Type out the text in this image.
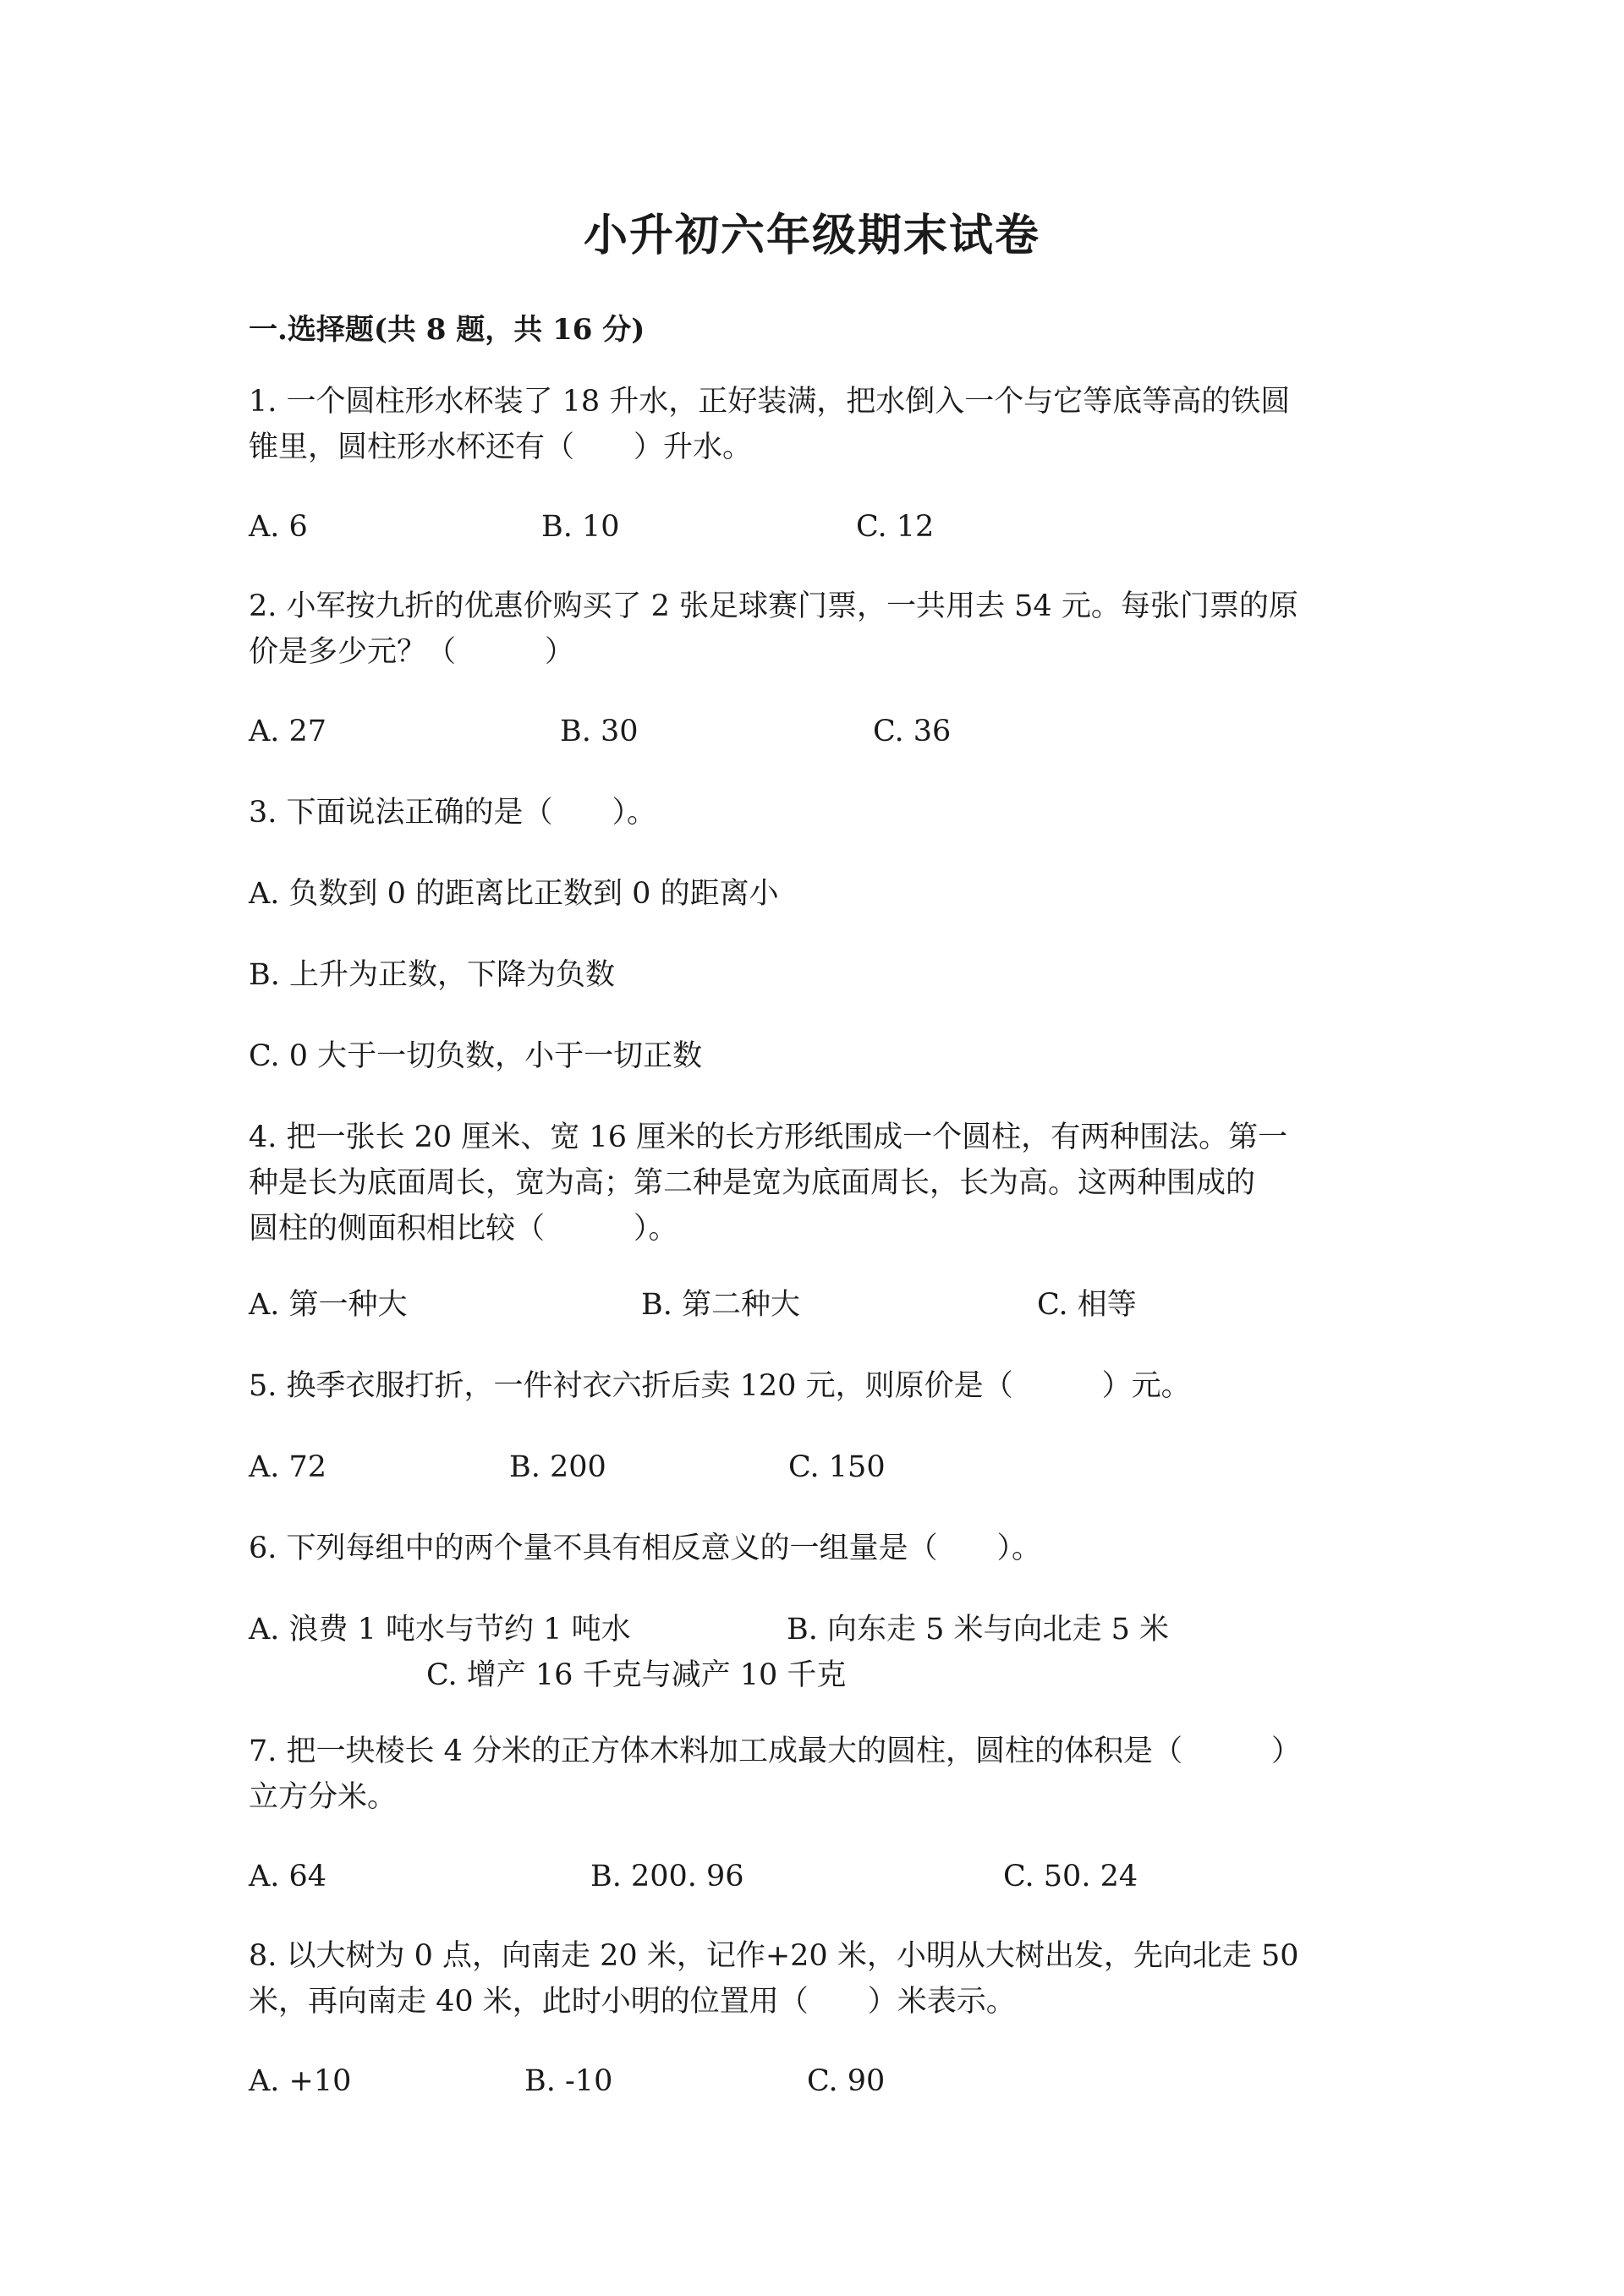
小升初六年级期末试卷
一.选择题(共 8 题，共 16 分)
1. 一个圆柱形水杯装了 18 升水，正好装满，把水倒入一个与它等底等高的铁圆
锥里，圆柱形水杯还有（　　）升水。
A. 6	B. 10	C. 12
2. 小军按九折的优惠价购买了 2 张足球赛门票，一共用去 54 元。每张门票的原
价是多少元？（　　　）
A. 27	B. 30	C. 36
3. 下面说法正确的是（　　）。
A. 负数到 0 的距离比正数到 0 的距离小
B. 上升为正数，下降为负数
C. 0 大于一切负数，小于一切正数
4. 把一张长 20 厘米、宽 16 厘米的长方形纸围成一个圆柱，有两种围法。第一
种是长为底面周长，宽为高；第二种是宽为底面周长，长为高。这两种围成的
圆柱的侧面积相比较（　　　）。
A. 第一种大	B. 第二种大	C. 相等
5. 换季衣服打折，一件衬衣六折后卖 120 元，则原价是（　　　）元。
A. 72	B. 200	C. 150
6. 下列每组中的两个量不具有相反意义的一组量是（　　）。
A. 浪费 1 吨水与节约 1 吨水	B. 向东走 5 米与向北走 5 米
C. 增产 16 千克与减产 10 千克
7. 把一块棱长 4 分米的正方体木料加工成最大的圆柱，圆柱的体积是（　　　）
立方分米。
A. 64	B. 200. 96	C. 50. 24
8. 以大树为 0 点，向南走 20 米，记作+20 米，小明从大树出发，先向北走 50
米，再向南走 40 米，此时小明的位置用（　　）米表示。
A. +10	B. -10	C. 90
